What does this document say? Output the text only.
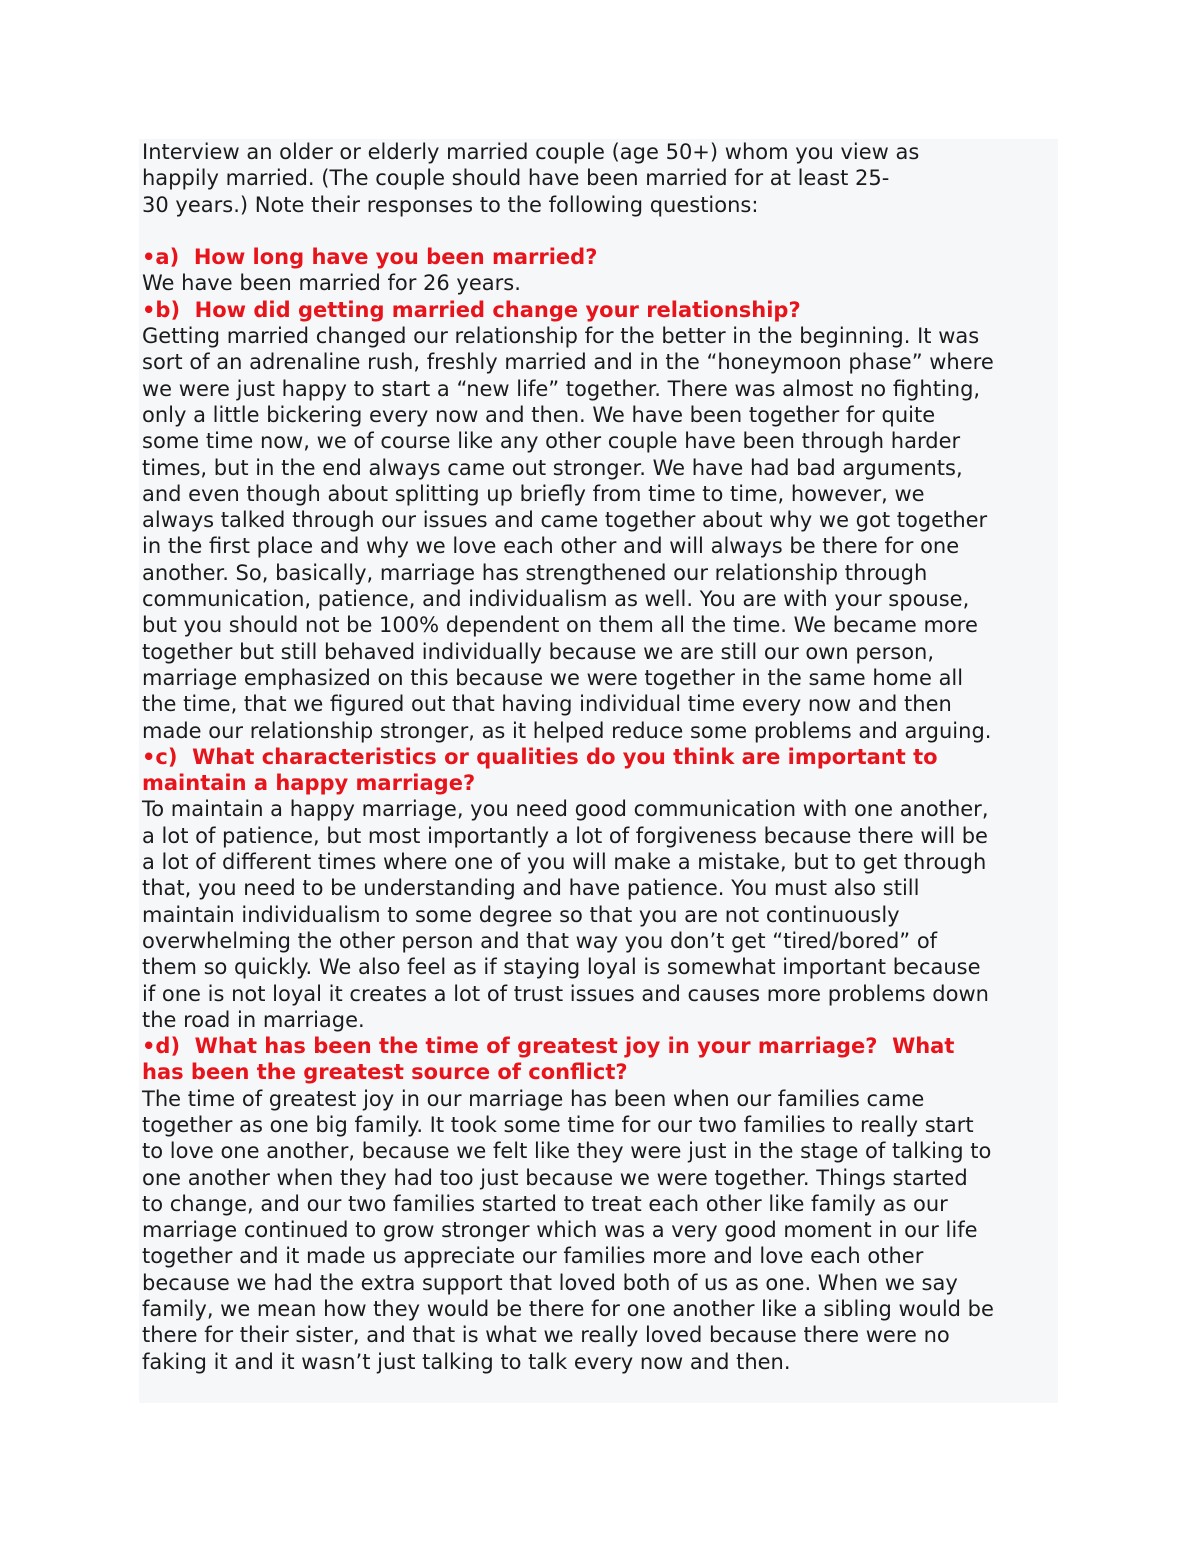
Interview an older or elderly married couple (age 50+) whom you view as
happily married. (The couple should have been married for at least 25-
30 years.) Note their responses to the following questions:
•a)  How long have you been married?
We have been married for 26 years.
•b)  How did getting married change your relationship?
Getting married changed our relationship for the better in the beginning. It was
sort of an adrenaline rush, freshly married and in the “honeymoon phase” where
we were just happy to start a “new life” together. There was almost no fighting,
only a little bickering every now and then. We have been together for quite
some time now, we of course like any other couple have been through harder
times, but in the end always came out stronger. We have had bad arguments,
and even though about splitting up briefly from time to time, however, we
always talked through our issues and came together about why we got together
in the first place and why we love each other and will always be there for one
another. So, basically, marriage has strengthened our relationship through
communication, patience, and individualism as well. You are with your spouse,
but you should not be 100% dependent on them all the time. We became more
together but still behaved individually because we are still our own person,
marriage emphasized on this because we were together in the same home all
the time, that we figured out that having individual time every now and then
made our relationship stronger, as it helped reduce some problems and arguing.
•c)  What characteristics or qualities do you think are important to
maintain a happy marriage?
To maintain a happy marriage, you need good communication with one another,
a lot of patience, but most importantly a lot of forgiveness because there will be
a lot of different times where one of you will make a mistake, but to get through
that, you need to be understanding and have patience. You must also still
maintain individualism to some degree so that you are not continuously
overwhelming the other person and that way you don’t get “tired/bored” of
them so quickly. We also feel as if staying loyal is somewhat important because
if one is not loyal it creates a lot of trust issues and causes more problems down
the road in marriage.
•d)  What has been the time of greatest joy in your marriage?  What
has been the greatest source of conflict?
The time of greatest joy in our marriage has been when our families came
together as one big family. It took some time for our two families to really start
to love one another, because we felt like they were just in the stage of talking to
one another when they had too just because we were together. Things started
to change, and our two families started to treat each other like family as our
marriage continued to grow stronger which was a very good moment in our life
together and it made us appreciate our families more and love each other
because we had the extra support that loved both of us as one. When we say
family, we mean how they would be there for one another like a sibling would be
there for their sister, and that is what we really loved because there were no
faking it and it wasn’t just talking to talk every now and then.
